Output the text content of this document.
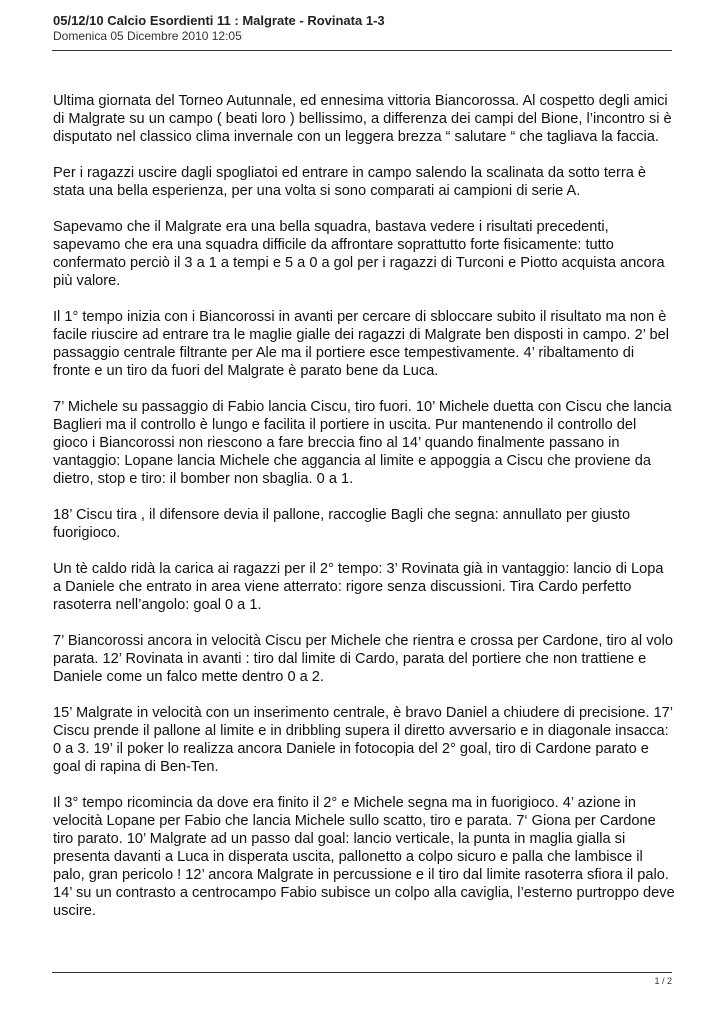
05/12/10 Calcio Esordienti 11 : Malgrate - Rovinata 1-3
Domenica 05 Dicembre 2010 12:05

Ultima giornata del Torneo Autunnale, ed ennesima vittoria Biancorossa. Al cospetto degli amici di Malgrate su un campo ( beati loro ) bellissimo, a differenza dei campi del Bione, l’incontro si è disputato nel classico clima invernale con un leggera brezza “ salutare “ che tagliava la faccia.

Per i ragazzi uscire dagli spogliatoi ed entrare in campo salendo la scalinata da sotto terra è stata una bella esperienza, per una volta si sono comparati ai campioni di serie A.

Sapevamo che il Malgrate era una bella squadra, bastava vedere i risultati precedenti, sapevamo che era una squadra difficile da affrontare soprattutto forte fisicamente: tutto confermato perciò il 3 a 1 a tempi e 5 a 0 a gol per i ragazzi di Turconi e Piotto acquista ancora più valore.

Il 1° tempo inizia con i Biancorossi in avanti per cercare di sbloccare subito il risultato ma non è facile riuscire ad entrare tra le maglie gialle dei ragazzi di Malgrate ben disposti in campo. 2’ bel passaggio centrale filtrante per Ale ma il portiere esce tempestivamente. 4’ ribaltamento di fronte e un tiro da fuori del Malgrate è parato bene da Luca.

7’ Michele su passaggio di Fabio lancia Ciscu, tiro fuori. 10’ Michele duetta con Ciscu che lancia Baglieri ma il controllo è lungo e facilita il portiere in uscita. Pur mantenendo il controllo del gioco i Biancorossi non riescono a fare breccia fino al 14’ quando finalmente passano in vantaggio: Lopane lancia Michele che aggancia al limite e appoggia a Ciscu che proviene da dietro, stop e tiro: il bomber non sbaglia. 0 a 1.

18’ Ciscu tira , il difensore devia il pallone, raccoglie Bagli che segna: annullato per giusto fuorigioco.

Un tè caldo ridà la carica ai ragazzi per il 2° tempo: 3’ Rovinata già in vantaggio: lancio di Lopa a Daniele che entrato in area viene atterrato: rigore senza discussioni. Tira Cardo perfetto rasoterra nell’angolo: goal 0 a 1.

7’ Biancorossi ancora in velocità Ciscu per Michele che rientra e crossa per Cardone, tiro al volo parata. 12’ Rovinata in avanti : tiro dal limite di Cardo, parata del portiere che non trattiene e Daniele come un falco mette dentro 0 a 2.

15’ Malgrate in velocità con un inserimento centrale, è bravo Daniel a chiudere di precisione. 17’ Ciscu prende il pallone al limite e in dribbling supera il diretto avversario e in diagonale insacca: 0 a 3. 19’ il poker lo realizza ancora Daniele in fotocopia del 2° goal, tiro di Cardone parato e goal di rapina di Ben-Ten.

Il 3° tempo ricomincia da dove era finito il 2° e Michele segna ma in fuorigioco. 4’ azione in velocità Lopane per Fabio che lancia Michele sullo scatto, tiro e parata. 7‘ Giona per Cardone tiro parato. 10’ Malgrate ad un passo dal goal: lancio verticale, la punta in maglia gialla si presenta davanti a Luca in disperata uscita, pallonetto a colpo sicuro e palla che lambisce il palo, gran pericolo ! 12’ ancora Malgrate in percussione e il tiro dal limite rasoterra sfiora il palo. 14’ su un contrasto a centrocampo Fabio subisce un colpo alla caviglia, l’esterno purtroppo deve uscire.

1 / 2
